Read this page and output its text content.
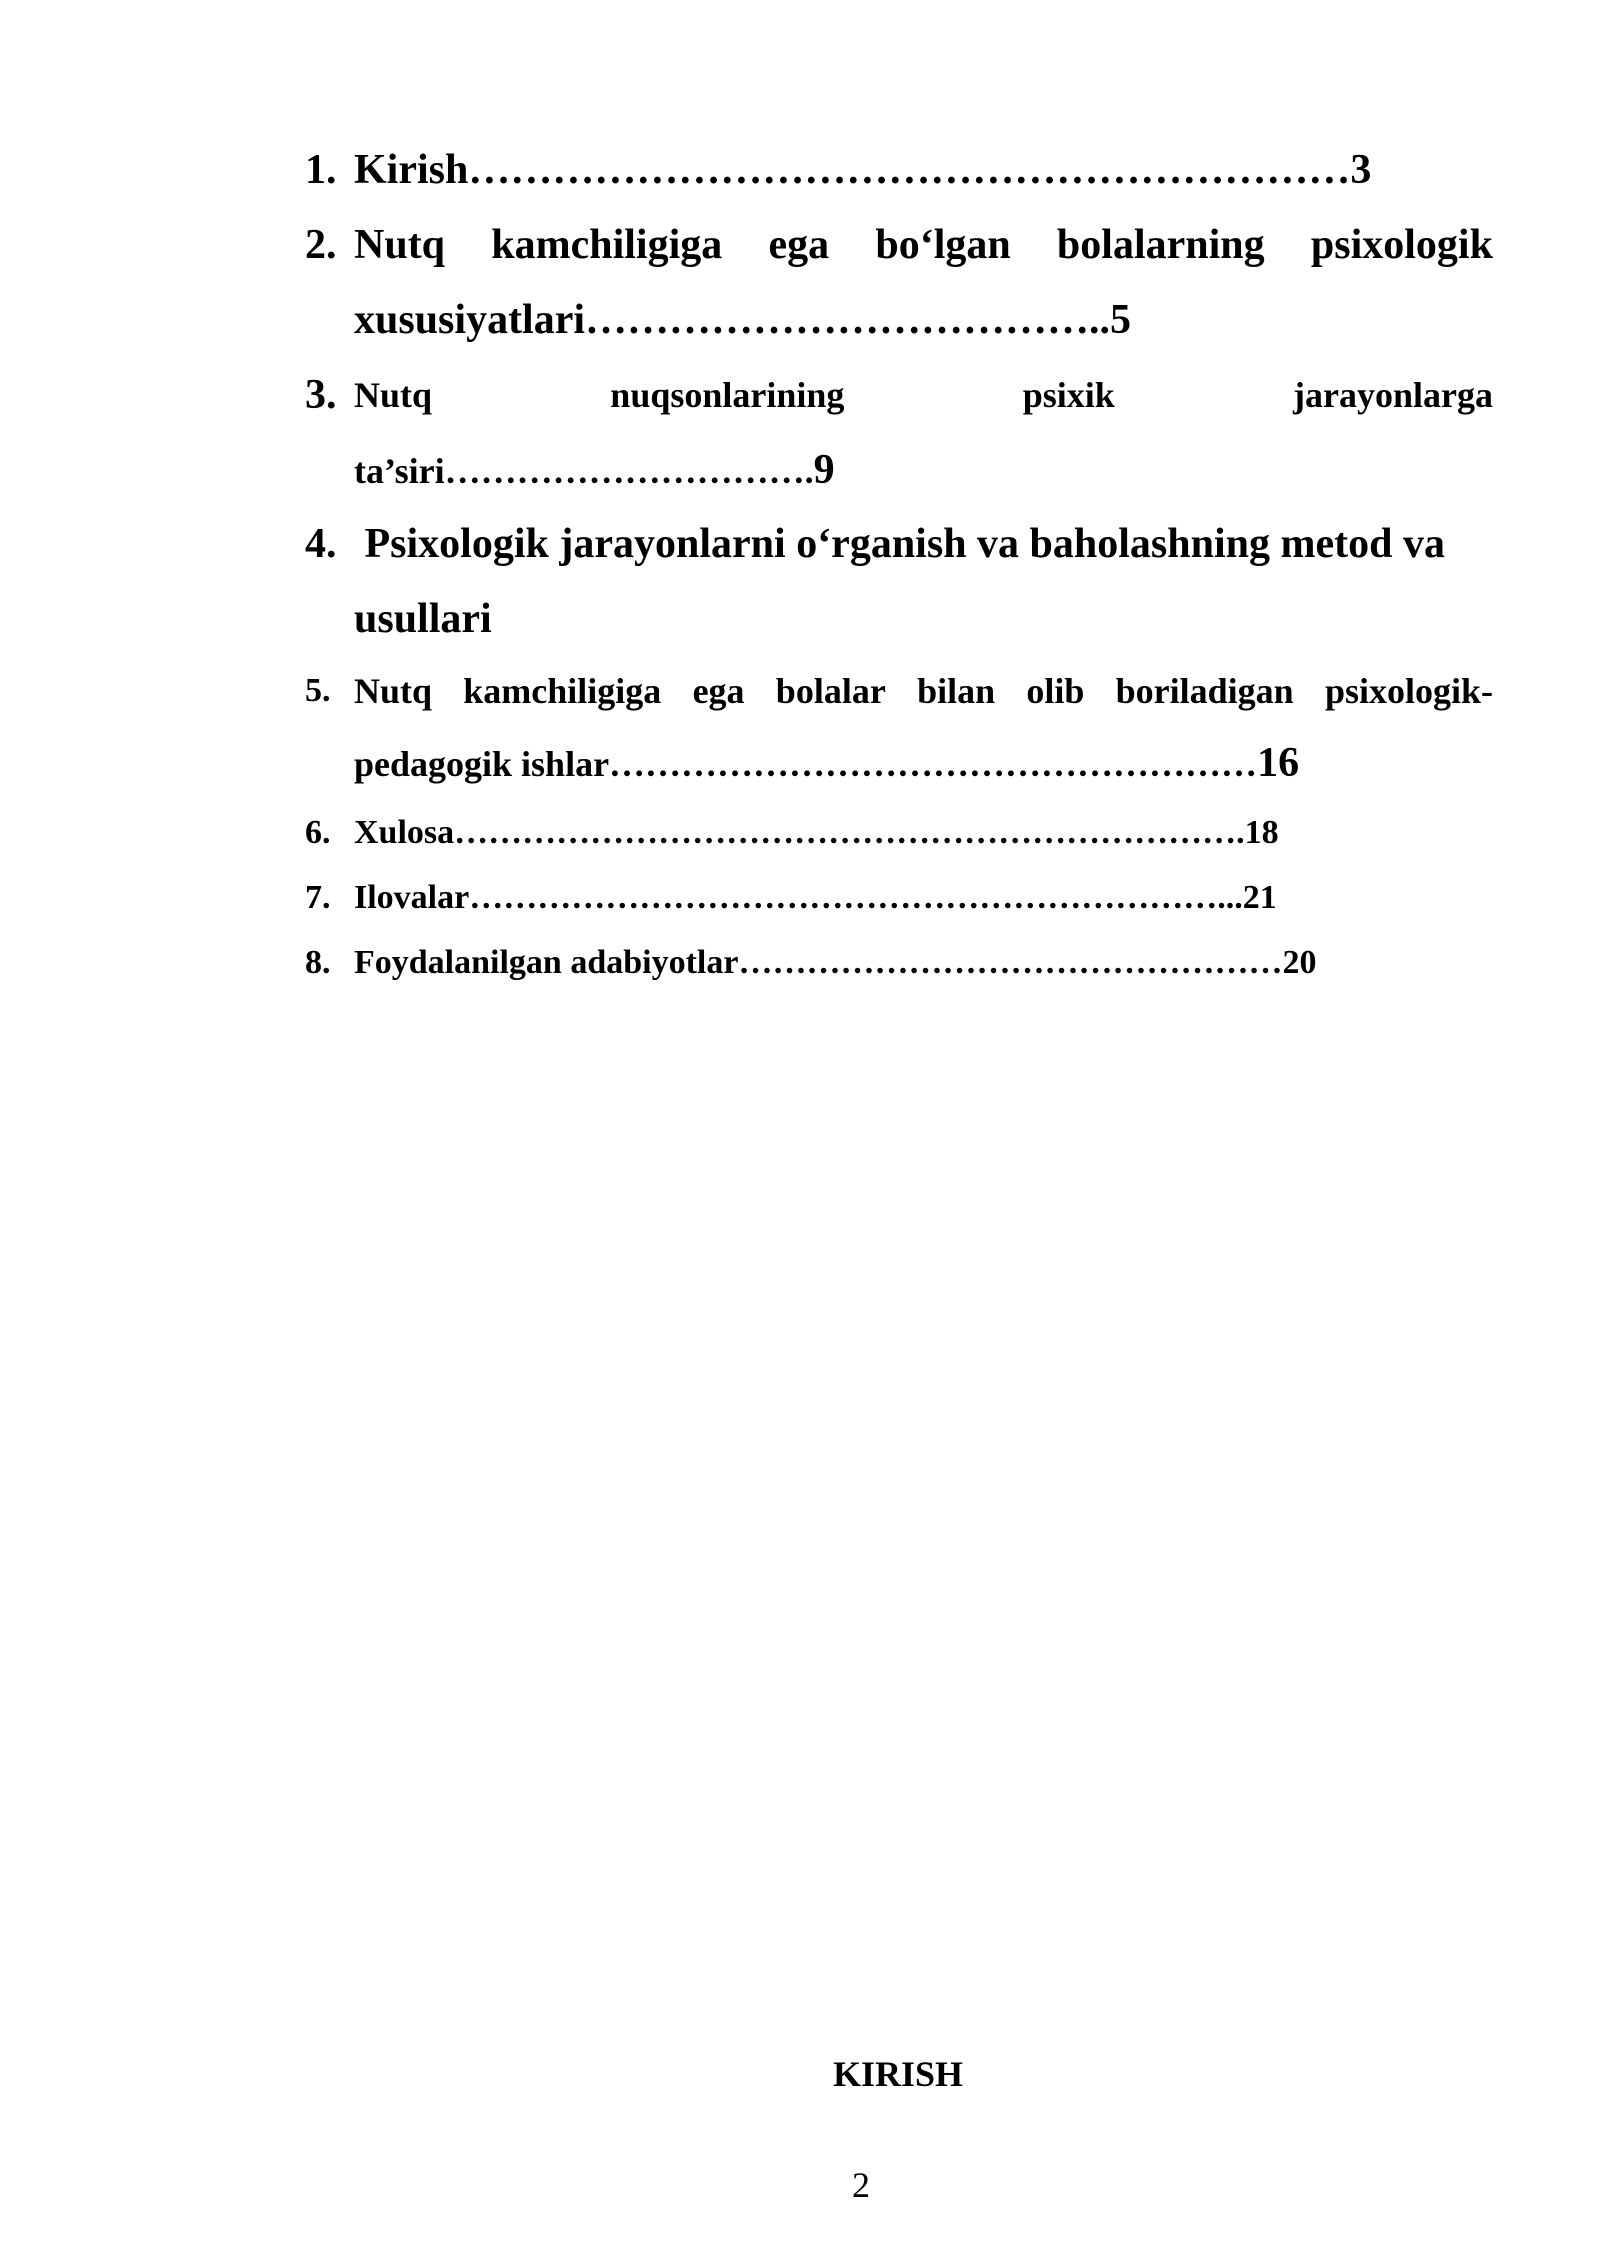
1. Kirish………………………………………………………3
2. Nutq kamchiligiga ega bo‘lgan bolalarning psixologik
xususiyatlari………………………………..5
3. Nutq	nuqsonlarining	psixik	jarayonlarga
ta’siri………………………….9
4. Psixologik jarayonlarni o‘rganish va baholashning metod va
usullari
5. Nutq kamchiligiga ega bolalar bilan olib boriladigan psixologik-
pedagogik ishlar………………………………………………16
6. Xulosa…………………………………………………………….18
7. Ilovalar…………………………………………………………...21
8. Foydalanilgan adabiyotlar…………………………………………20
KIRISH
2
